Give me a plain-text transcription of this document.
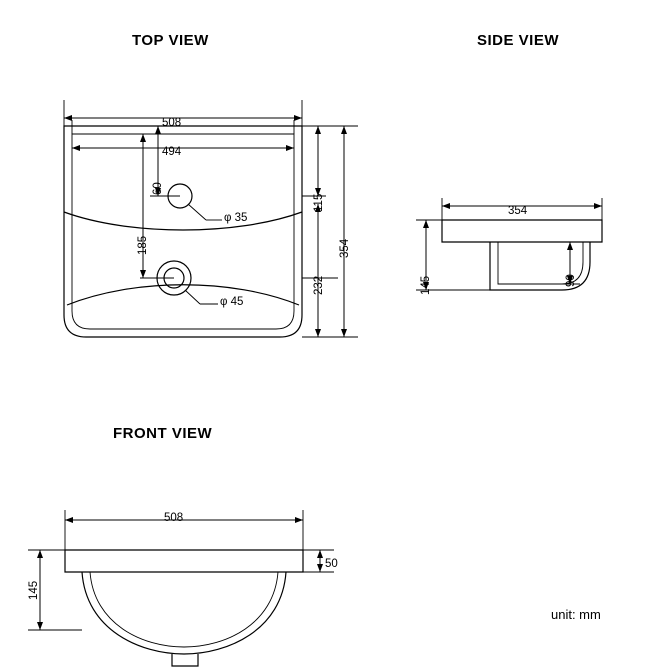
TOP VIEW	SIDE VIEW
FRONT VIEW
unit: mm
508
494
60
φ 35
185
φ 45
115
232
354
354
145	90
508
50
145
